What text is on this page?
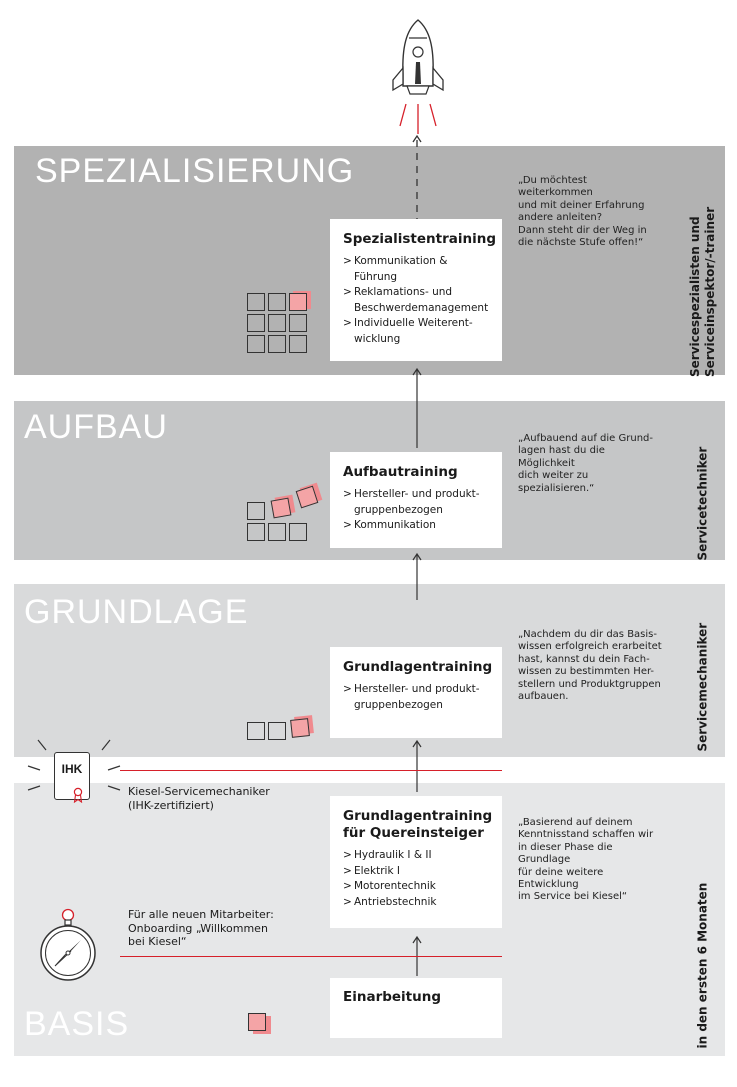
SPEZIALISIERUNG
AUFBAU
GRUNDLAGE
BASIS
Spezialistentraining
> Kommunikation & Führung
> Reklamations- und Beschwerdemanagement
> Individuelle Weiterent-wicklung
Aufbautraining
> Hersteller- und produkt-gruppenbezogen
> Kommunikation
Grundlagentraining
> Hersteller- und produkt-gruppenbezogen
Grundlagentraining für Quereinsteiger
> Hydraulik I & II
> Elektrik I
> Motorentechnik
> Antriebstechnik
Einarbeitung
„Du möchtest weiterkommen
und mit deiner Erfahrung
andere anleiten?
Dann steht dir der Weg in
die nächste Stufe offen!“
„Aufbauend auf die Grund-
lagen hast du die Möglichkeit
dich weiter zu spezialisieren.“
„Nachdem du dir das Basis-
wissen erfolgreich erarbeitet
hast, kannst du dein Fach-
wissen zu bestimmten Her-
stellern und Produktgruppen
aufbauen.
„Basierend auf deinem
Kenntnisstand schaffen wir
in dieser Phase die Grundlage
für deine weitere Entwicklung
im Service bei Kiesel“
Servicespezialisten und
Serviceinspektor/-trainer
Servicetechniker
Servicemechaniker
in den ersten 6 Monaten
IHK
Kiesel-Servicemechaniker
(IHK-zertifiziert)
Für alle neuen Mitarbeiter:
Onboarding „Willkommen
bei Kiesel“
